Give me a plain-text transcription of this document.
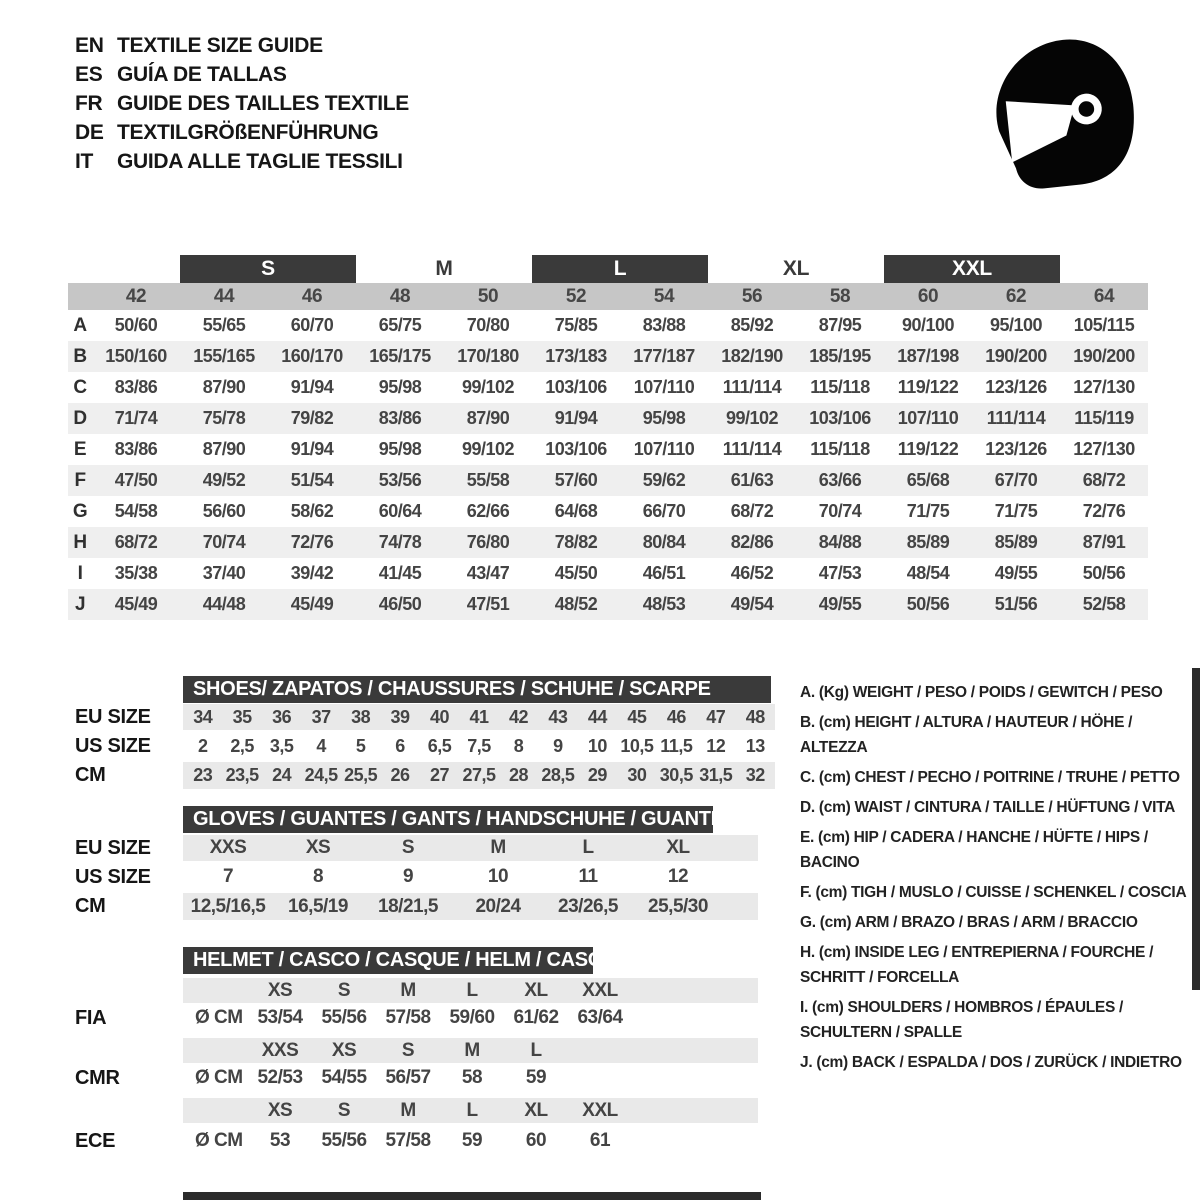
EN TEXTILE SIZE GUIDE
ES GUÍA DE TALLAS
FR GUIDE DES TAILLES TEXTILE
DE TEXTILGRÖßENFÜHRUNG
IT	GUIDA ALLE TAGLIE TESSILI
S	M	L	XL	XXL
42	44	46	48	50	52	54	56	58	60	62	64
A	50/60	55/65	60/70	65/75	70/80	75/85	83/88	85/92	87/95	90/100	95/100	105/115
B	150/160	155/165	160/170	165/175	170/180	173/183	177/187	182/190	185/195	187/198	190/200	190/200
C	83/86	87/90	91/94	95/98	99/102	103/106	107/110	111/114	115/118	119/122	123/126	127/130
D	71/74	75/78	79/82	83/86	87/90	91/94	95/98	99/102	103/106	107/110	111/114	115/119
E	83/86	87/90	91/94	95/98	99/102	103/106	107/110	111/114	115/118	119/122	123/126	127/130
F	47/50	49/52	51/54	53/56	55/58	57/60	59/62	61/63	63/66	65/68	67/70	68/72
G	54/58	56/60	58/62	60/64	62/66	64/68	66/70	68/72	70/74	71/75	71/75	72/76
H	68/72	70/74	72/76	74/78	76/80	78/82	80/84	82/86	84/88	85/89	85/89	87/91
I	35/38	37/40	39/42	41/45	43/47	45/50	46/51	46/52	47/53	48/54	49/55	50/56
J	45/49	44/48	45/49	46/50	47/51	48/52	48/53	49/54	49/55	50/56	51/56	52/58
SHOES/ ZAPATOS / CHAUSSURES / SCHUHE / SCARPE
EU SIZE
US SIZE
CM
34	35	36	37	38	39	40	41	42	43	44	45	46	47	48
2	2,5 3,5	4	5	6	6,5 7,5	8	9	10 10,5 11,5 12	13
23 23,5 24 24,5 25,5 26	27 27,5 28 28,5 29	30 30,5 31,5 32
GLOVES / GUANTES / GANTS / HANDSCHUHE / GUANTI
EU SIZE
US SIZE
CM
XXS	XS	S	M	L	XL
7	8	9	10	11	12
12,5/16,5	16,5/19	18/21,5	20/24	23/26,5	25,5/30
HELMET / CASCO / CASQUE / HELM / CASCO
FIA
CMR
ECE
XS	S	M	L	XL	XXL
Ø CM 53/54 55/56 57/58 59/60 61/62 63/64
XXS	XS	S	M	L
Ø CM 52/53 54/55 56/57	58	59
XS	S	M	L	XL	XXL
Ø CM	53	55/56 57/58	59	60	61
A. (Kg) WEIGHT / PESO / POIDS / GEWITCH / PESO
B. (cm) HEIGHT / ALTURA / HAUTEUR / HÖHE / ALTEZZA
C. (cm) CHEST / PECHO / POITRINE / TRUHE / PETTO
D. (cm) WAIST / CINTURA / TAILLE / HÜFTUNG / VITA
E. (cm) HIP / CADERA / HANCHE / HÜFTE / HIPS / BACINO
F. (cm) TIGH / MUSLO / CUISSE / SCHENKEL / COSCIA
G. (cm) ARM / BRAZO / BRAS / ARM / BRACCIO
H. (cm) INSIDE LEG / ENTREPIERNA / FOURCHE / SCHRITT / FORCELLA
I. (cm) SHOULDERS / HOMBROS / ÉPAULES / SCHULTERN / SPALLE
J. (cm) BACK / ESPALDA / DOS / ZURÜCK / INDIETRO
